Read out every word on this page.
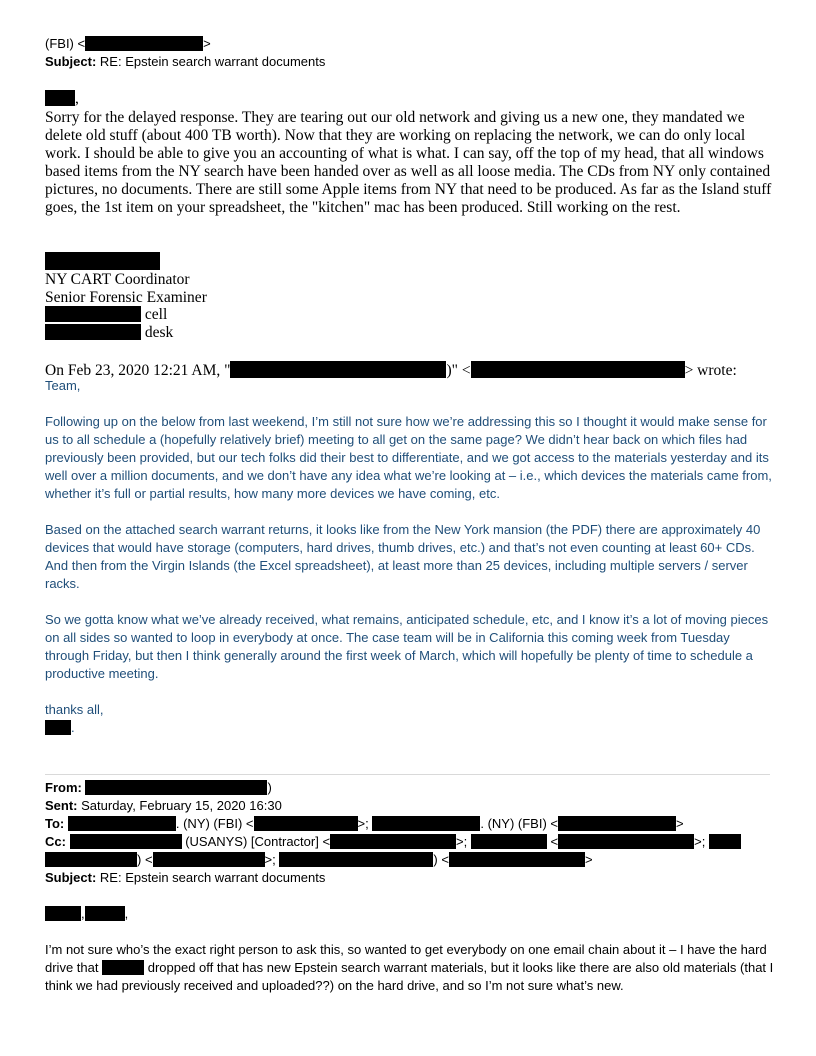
(FBI) <	>
Subject: RE: Epstein search warrant documents
,
Sorry for the delayed response. They are tearing out our old network and giving us a new one, they mandated we delete old stuff (about 400 TB worth). Now that they are working on replacing the network, we can do only local work. I should be able to give you an accounting of what is what. I can say, off the top of my head, that all windows based items from the NY search have been handed over as well as all loose media. The CDs from NY only contained pictures, no documents. There are still some Apple items from NY that need to be produced. As far as the Island stuff goes, the 1st item on your spreadsheet, the "kitchen" mac has been produced. Still working on the rest.
NY CART Coordinator
Senior Forensic Examiner
cell
desk
On Feb 23, 2020 12:21 AM, "	)" <	> wrote:
Team,
Following up on the below from last weekend, I’m still not sure how we’re addressing this so I thought it would make sense for us to all schedule a (hopefully relatively brief) meeting to all get on the same page? We didn’t hear back on which files had previously been provided, but our tech folks did their best to differentiate, and we got access to the materials yesterday and its well over a million documents, and we don’t have any idea what we’re looking at – i.e., which devices the materials came from, whether it’s full or partial results, how many more devices we have coming, etc.
Based on the attached search warrant returns, it looks like from the New York mansion (the PDF) there are approximately 40 devices that would have storage (computers, hard drives, thumb drives, etc.) and that’s not even counting at least 60+ CDs. And then from the Virgin Islands (the Excel spreadsheet), at least more than 25 devices, including multiple servers / server racks.
So we gotta know what we’ve already received, what remains, anticipated schedule, etc, and I know it’s a lot of moving pieces on all sides so wanted to loop in everybody at once. The case team will be in California this coming week from Tuesday through Friday, but then I think generally around the first week of March, which will hopefully be plenty of time to schedule a productive meeting.
thanks all,
.
From:	)
Sent: Saturday, February 15, 2020 16:30
To:	. (NY) (FBI) <	>;	. (NY) (FBI) <	>
Cc:	(USANYS) [Contractor] <	>;	<	>;
) <	>;	) <	>
Subject: RE: Epstein search warrant documents
,	,
I’m not sure who’s the exact right person to ask this, so wanted to get everybody on one email chain about it – I have the hard drive that	dropped off that has new Epstein search warrant materials, but it looks like there are also old materials (that I think we had previously received and uploaded??) on the hard drive, and so I’m not sure what’s new.
